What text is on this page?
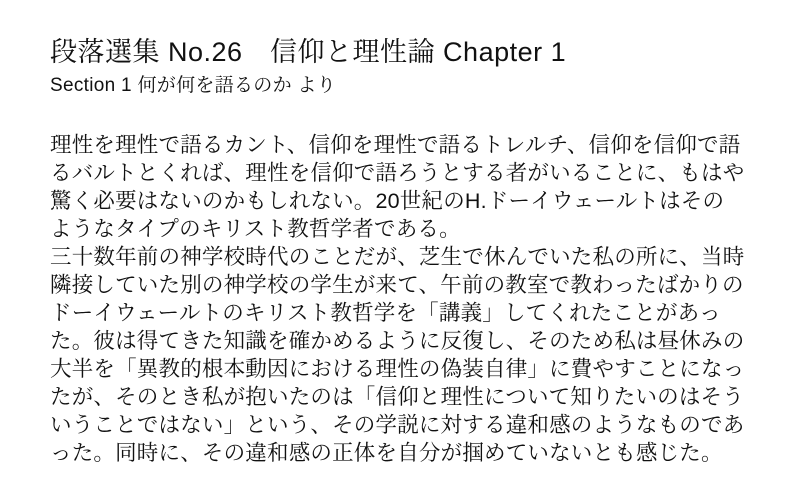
段落選集 No.26　信仰と理性論 Chapter 1
Section 1 何が何を語るのか より
理性を理性で語るカント、信仰を理性で語るトレルチ、信仰を信仰で語
るバルトとくれば、理性を信仰で語ろうとする者がいることに、もはや
驚く必要はないのかもしれない。20世紀のH.ドーイウェールトはその
ようなタイプのキリスト教哲学者である。
三十数年前の神学校時代のことだが、芝生で休んでいた私の所に、当時
隣接していた別の神学校の学生が来て、午前の教室で教わったばかりの
ドーイウェールトのキリスト教哲学を「講義」してくれたことがあっ
た。彼は得てきた知識を確かめるように反復し、そのため私は昼休みの
大半を「異教的根本動因における理性の偽装自律」に費やすことになっ
たが、そのとき私が抱いたのは「信仰と理性について知りたいのはそう
いうことではない」という、その学説に対する違和感のようなものであ
った。同時に、その違和感の正体を自分が掴めていないとも感じた。
